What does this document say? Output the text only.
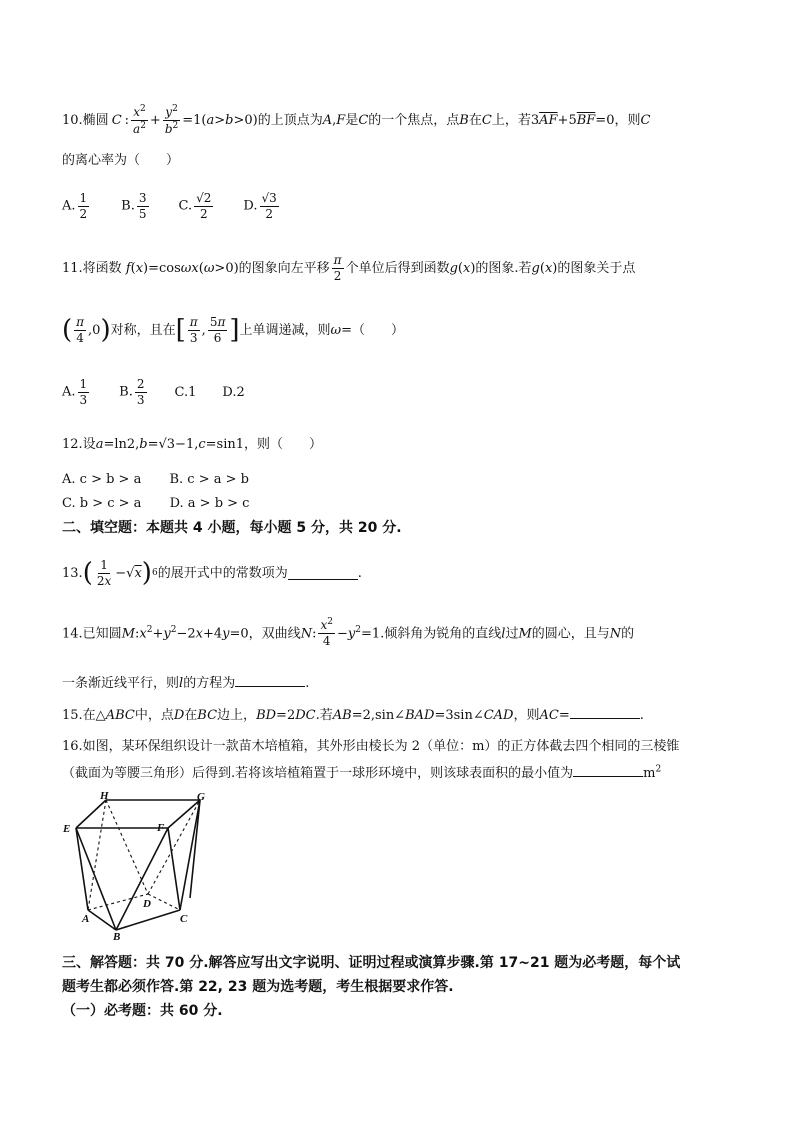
10.椭圆 C : $\frac{x^2}{a^2} + \frac{y^2}{b^2} =1(a>b>0)$的上顶点为A,F是C的一个焦点，点B在C上，若 $3\overline{AF}+5\overline{BF}=0$，则C
的离心率为（　　）
A. $\frac{1}{2} B$. $\frac{3}{5} C$. $\frac{√2}{2} D$. $\frac{√3}{2}$
11.将函数 f(x)=cosωx(ω>0)的图象向左平移 $\frac{\pi}{2}$ 个单位后得到函数g(x)的图象.若g(x)的图象关于点
( $\frac{\pi}{4} ,0$ ) 对称，且在 [ $\frac{\pi}{3}$ , $\frac{5\pi}{6}$ ] 上单调递减，则ω=（　　）
A. $\frac{1}{3} B$. $\frac{2}{3} C.1$ D.2
12.设a=ln2,b=√3−1,c=sin1，则（　　）
A. c > b > a B. c > a > b
C. b > c > a D. a > b > c
二、填空题：本题共 4 小题，每小题 5 分，共 20 分.
13. ( $\frac{1}{2x} -√x$ ) 6 的展开式中的常数项为	.
14.已知圆$M:x^2+y^2-2x+4y=0$，双曲线N: $\frac{x^2}{4} -y^2=1$.倾斜角为锐角的直线l过M的圆心，且与N的
一条渐近线平行，则l的方程为	.
15.在△ABC中，点D在BC边上，BD=2DC.若AB=2,sin∠BAD=3sin∠CAD，则AC=	.
16.如图，某环保组织设计一款苗木培植箱，其外形由棱长为 2（单位：m）的正方体截去四个相同的三棱锥
（截面为等腰三角形）后得到.若将该培植箱置于一球形环境中，则该球表面积的最小值为	$m^2$
H	G
E	F
A
D
C
B
三、解答题：共 70 分.解答应写出文字说明、证明过程或演算步骤.第 17~21 题为必考题，每个试
题考生都必须作答.第 22, 23 题为选考题，考生根据要求作答.
（一）必考题：共 60 分.
